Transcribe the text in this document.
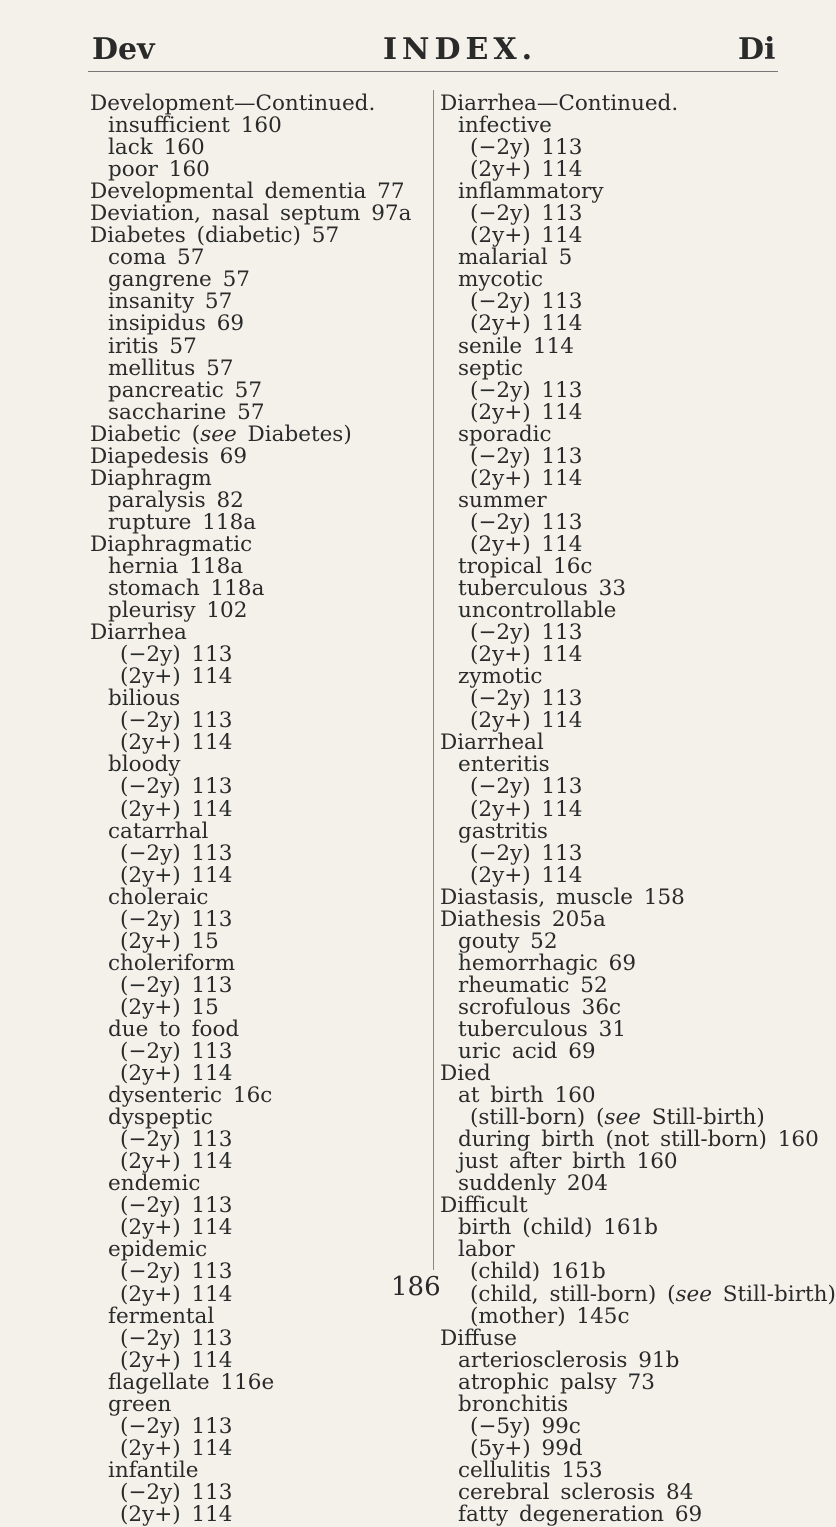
Dev	INDEX.	Di
Development—Continued.
insufficient 160
lack 160
poor 160
Developmental dementia 77
Deviation, nasal septum 97a
Diabetes (diabetic) 57
coma 57
gangrene 57
insanity 57
insipidus 69
iritis 57
mellitus 57
pancreatic 57
saccharine 57
Diabetic (see Diabetes)
Diapedesis 69
Diaphragm
paralysis 82
rupture 118a
Diaphragmatic
hernia 118a
stomach 118a
pleurisy 102
Diarrhea
(−2y) 113
(2y+) 114
bilious
(−2y) 113
(2y+) 114
bloody
(−2y) 113
(2y+) 114
catarrhal
(−2y) 113
(2y+) 114
choleraic
(−2y) 113
(2y+) 15
choleriform
(−2y) 113
(2y+) 15
due to food
(−2y) 113
(2y+) 114
dysenteric 16c
dyspeptic
(−2y) 113
(2y+) 114
endemic
(−2y) 113
(2y+) 114
epidemic
(−2y) 113
(2y+) 114
fermental
(−2y) 113
(2y+) 114
flagellate 116e
green
(−2y) 113
(2y+) 114
infantile
(−2y) 113
(2y+) 114
Diarrhea—Continued.
infective
(−2y) 113
(2y+) 114
inflammatory
(−2y) 113
(2y+) 114
malarial 5
mycotic
(−2y) 113
(2y+) 114
senile 114
septic
(−2y) 113
(2y+) 114
sporadic
(−2y) 113
(2y+) 114
summer
(−2y) 113
(2y+) 114
tropical 16c
tuberculous 33
uncontrollable
(−2y) 113
(2y+) 114
zymotic
(−2y) 113
(2y+) 114
Diarrheal
enteritis
(−2y) 113
(2y+) 114
gastritis
(−2y) 113
(2y+) 114
Diastasis, muscle 158
Diathesis 205a
gouty 52
hemorrhagic 69
rheumatic 52
scrofulous 36c
tuberculous 31
uric acid 69
Died
at birth 160
(still-born) (see Still-birth)
during birth (not still-born) 160
just after birth 160
suddenly 204
Difficult
birth (child) 161b
labor
(child) 161b
(child, still-born) (see Still-birth)
(mother) 145c
Diffuse
arteriosclerosis 91b
atrophic palsy 73
bronchitis
(−5y) 99c
(5y+) 99d
cellulitis 153
cerebral sclerosis 84
fatty degeneration 69
186
